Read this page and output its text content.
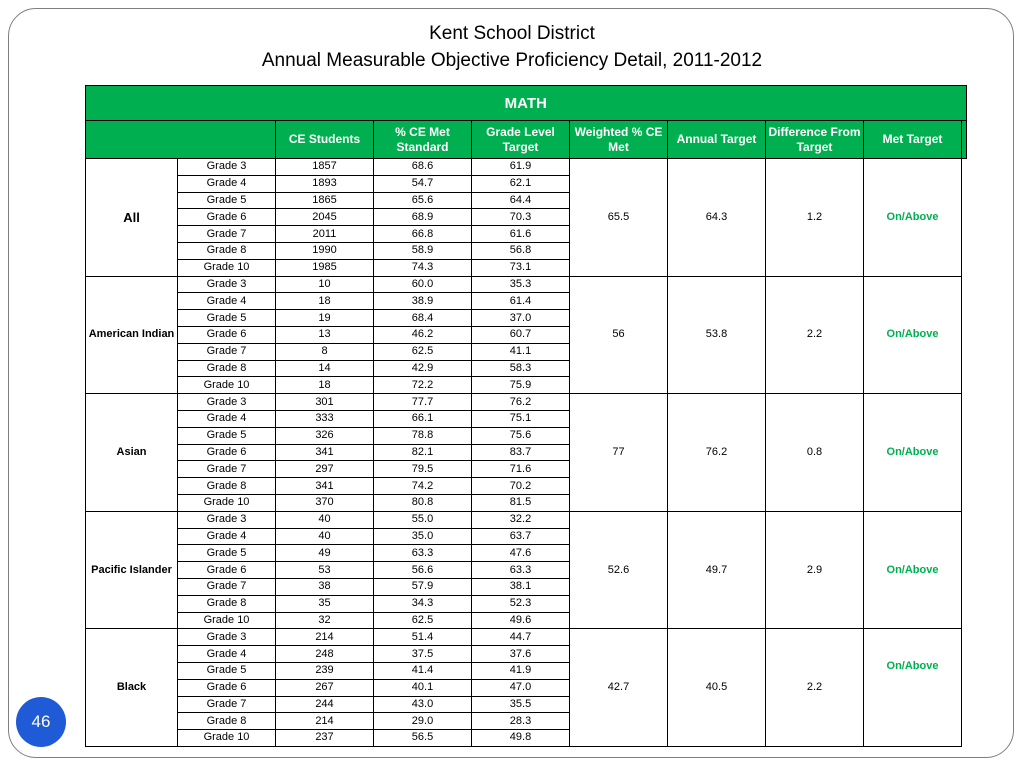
Kent School District
Annual Measurable Objective Proficiency Detail, 2011-2012
MATH									
		CE Students	% CE Met Standard	Grade Level Target	Weighted % CE Met	Annual Target	Difference From Target	Met Target	
All	Grade 3	1857	68.6	61.9	65.5	64.3	1.2	On/Above	
	Grade 4	1893	54.7	62.1					
	Grade 5	1865	65.6	64.4					
	Grade 6	2045	68.9	70.3					
	Grade 7	2011	66.8	61.6					
	Grade 8	1990	58.9	56.8					
	Grade 10	1985	74.3	73.1					
American Indian	Grade 3	10	60.0	35.3	56	53.8	2.2	On/Above	
	Grade 4	18	38.9	61.4					
	Grade 5	19	68.4	37.0					
	Grade 6	13	46.2	60.7					
	Grade 7	8	62.5	41.1					
	Grade 8	14	42.9	58.3					
	Grade 10	18	72.2	75.9					
Asian	Grade 3	301	77.7	76.2	77	76.2	0.8	On/Above	
	Grade 4	333	66.1	75.1					
	Grade 5	326	78.8	75.6					
	Grade 6	341	82.1	83.7					
	Grade 7	297	79.5	71.6					
	Grade 8	341	74.2	70.2					
	Grade 10	370	80.8	81.5					
Pacific Islander	Grade 3	40	55.0	32.2	52.6	49.7	2.9	On/Above	
	Grade 4	40	35.0	63.7					
	Grade 5	49	63.3	47.6					
	Grade 6	53	56.6	63.3					
	Grade 7	38	57.9	38.1					
	Grade 8	35	34.3	52.3					
	Grade 10	32	62.5	49.6					
Black	Grade 3	214	51.4	44.7	42.7	40.5	2.2	On/Above	
	Grade 4	248	37.5	37.6					
	Grade 5	239	41.4	41.9					
	Grade 6	267	40.1	47.0					
	Grade 7	244	43.0	35.5					
	Grade 8	214	29.0	28.3					
	Grade 10	237	56.5	49.8					
46
